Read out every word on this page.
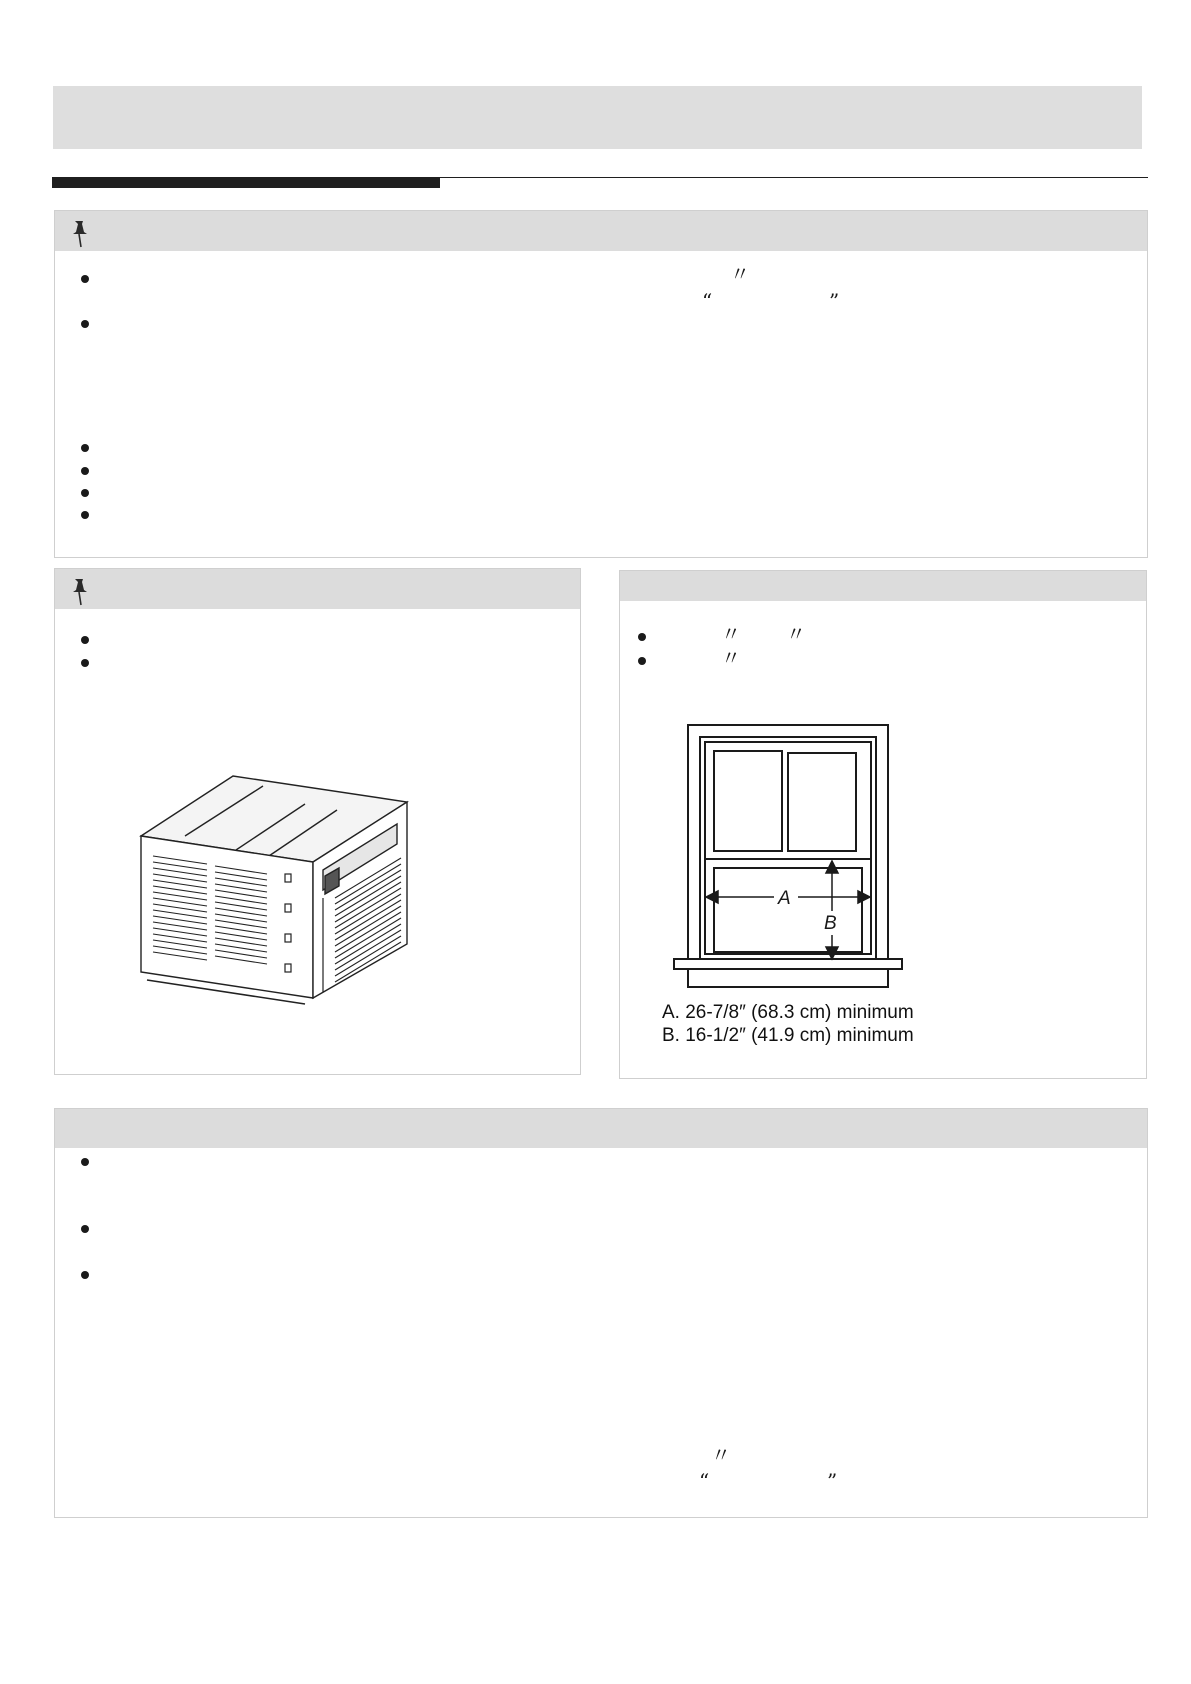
〃
“	”
〃 〃
〃
A
B
A. 26-7/8″ (68.3 cm) minimum
B. 16-1/2″ (41.9 cm) minimum
〃
“	”
